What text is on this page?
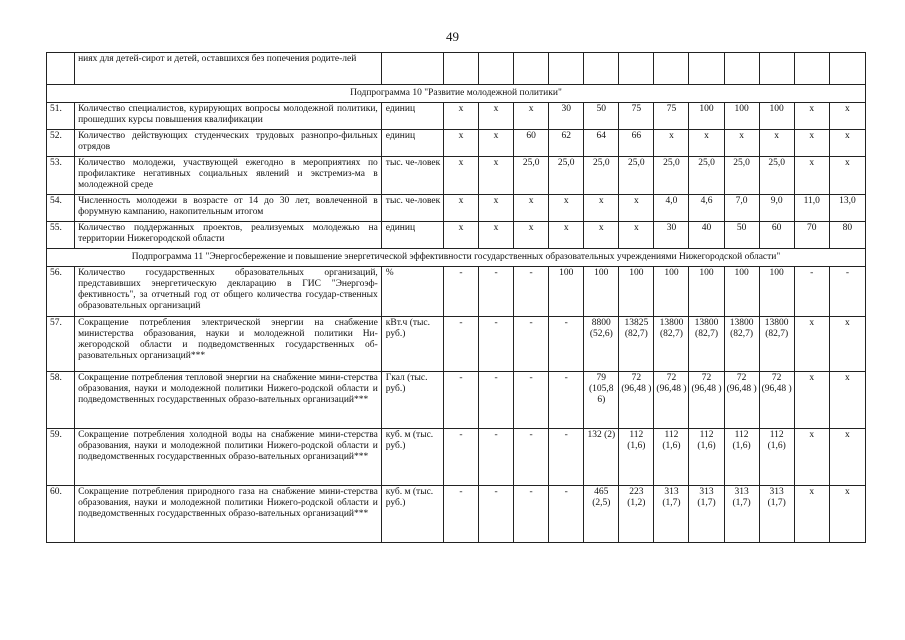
49
	ниях для детей-сирот и детей, оставшихся без попечения родите-лей													
Подпрограмма 10 "Развитие молодежной политики"														
51.	Количество специалистов, курирующих вопросы молодежной политики, прошедших курсы повышения квалификации	единиц	х	х	х	30	50	75	75	100	100	100	х	х
52.	Количество действующих студенческих трудовых разнопро-фильных отрядов	единиц	х	х	60	62	64	66	х	х	х	х	х	х
53.	Количество молодежи, участвующей ежегодно в мероприятиях по профилактике негативных социальных явлений и экстремиз-ма в молодежной среде	тыс. че-ловек	х	х	25,0	25,0	25,0	25,0	25,0	25,0	25,0	25,0	х	х
54.	Численность молодежи в возрасте от 14 до 30 лет, вовлеченной в форумную кампанию, накопительным итогом	тыс. че-ловек	х	х	х	х	х	х	4,0	4,6	7,0	9,0	11,0	13,0
55.	Количество поддержанных проектов, реализуемых молодежью на территории Нижегородской области	единиц	х	х	х	х	х	х	30	40	50	60	70	80
Подпрограмма 11 "Энергосбережение и повышение энергетической эффективности государственных образовательных учреждениями Нижегородской области"														
56.	Количество государственных образовательных организаций, представивших энергетическую декларацию в ГИС "Энергоэф-фективность", за отчетный год от общего количества государ-ственных образовательных организаций	%	-	-	-	100	100	100	100	100	100	100	-	-
57.	Сокращение потребления электрической энергии на снабжение министерства образования, науки и молодежной политики Ни-жегородской области и подведомственных государственных об-разовательных организаций***	кВт.ч (тыс. руб.)	-	-	-	-	8800 (52,6)	13825 (82,7)	13800 (82,7)	13800 (82,7)	13800 (82,7)	13800 (82,7)	х	х
58.	Сокращение потребления тепловой энергии на снабжение мини-стерства образования, науки и молодежной политики Нижего-родской области и подведомственных государственных образо-вательных организаций***	Гкал (тыс. руб.)	-	-	-	-	79 (105,8 6)	72 (96,48 )	72 (96,48 )	72 (96,48 )	72 (96,48 )	72 (96,48 )	х	х
59.	Сокращение потребления холодной воды на снабжение мини-стерства образования, науки и молодежной политики Нижего-родской области и подведомственных государственных образо-вательных организаций***	куб. м (тыс. руб.)	-	-	-	-	132 (2)	112 (1,6)	112 (1,6)	112 (1,6)	112 (1,6)	112 (1,6)	х	х
60.	Сокращение потребления природного газа на снабжение мини-стерства образования, науки и молодежной политики Нижего-родской области и подведомственных государственных образо-вательных организаций***	куб. м (тыс. руб.)	-	-	-	-	465 (2,5)	223 (1,2)	313 (1,7)	313 (1,7)	313 (1,7)	313 (1,7)	х	х
